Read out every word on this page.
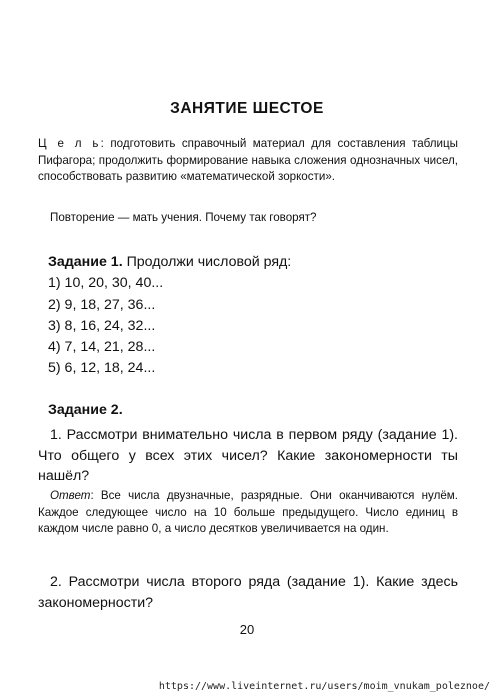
ЗАНЯТИЕ ШЕСТОЕ
Ц е л ь: подготовить справочный материал для составления таблицы Пифагора; продолжить формирование навыка сложения однозначных чисел, способствовать развитию «математической зоркости».
Повторение — мать учения. Почему так говорят?
Задание 1. Продолжи числовой ряд:
1) 10, 20, 30, 40...
2) 9, 18, 27, 36...
3) 8, 16, 24, 32...
4) 7, 14, 21, 28...
5) 6, 12, 18, 24...
Задание 2.
1. Рассмотри внимательно числа в первом ряду (задание 1). Что общего у всех этих чисел? Какие закономерности ты нашёл?
Ответ: Все числа двузначные, разрядные. Они оканчиваются нулём. Каждое следующее число на 10 больше предыдущего. Число единиц в каждом числе равно 0, а число десятков увеличивается на один.
2. Рассмотри числа второго ряда (задание 1). Какие здесь закономерности?
20
https://www.liveinternet.ru/users/moim_vnukam_poleznoe/
